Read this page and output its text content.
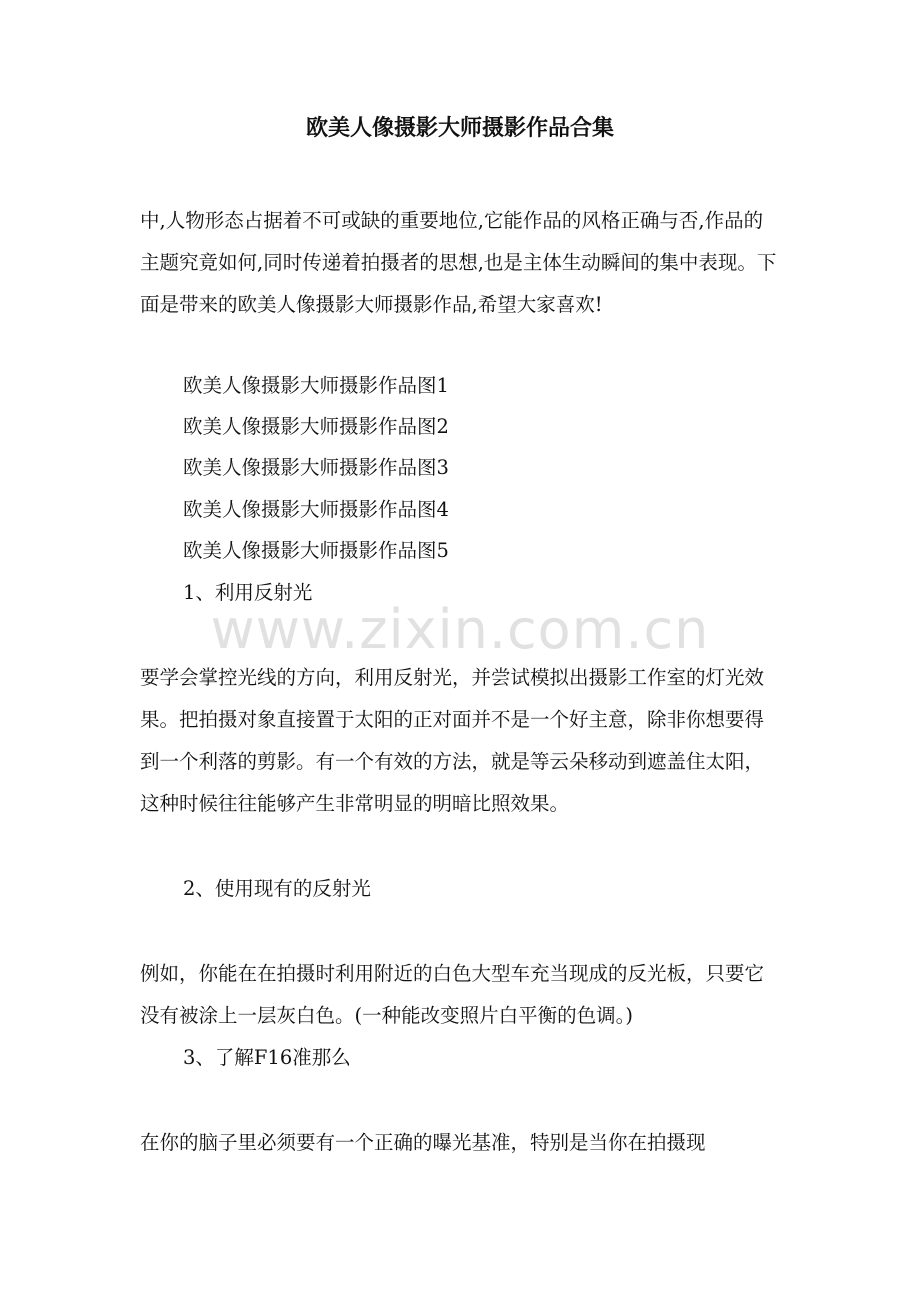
欧美人像摄影大师摄影作品合集

中,人物形态占据着不可或缺的重要地位,它能作品的风格正确与否,作品的主题究竟如何,同时传递着拍摄者的思想,也是主体生动瞬间的集中表现。下面是带来的欧美人像摄影大师摄影作品,希望大家喜欢!

欧美人像摄影大师摄影作品图1

欧美人像摄影大师摄影作品图2

欧美人像摄影大师摄影作品图3

欧美人像摄影大师摄影作品图4

欧美人像摄影大师摄影作品图5

1、利用反射光

www.zixin.com.cn

要学会掌控光线的方向，利用反射光，并尝试模拟出摄影工作室的灯光效果。把拍摄对象直接置于太阳的正对面并不是一个好主意，除非你想要得到一个利落的剪影。有一个有效的方法，就是等云朵移动到遮盖住太阳，这种时候往往能够产生非常明显的明暗比照效果。

2、使用现有的反射光

例如，你能在在拍摄时利用附近的白色大型车充当现成的反光板，只要它没有被涂上一层灰白色。(一种能改变照片白平衡的色调。)

3、了解F16准那么

在你的脑子里必须要有一个正确的曝光基准，特别是当你在拍摄现
